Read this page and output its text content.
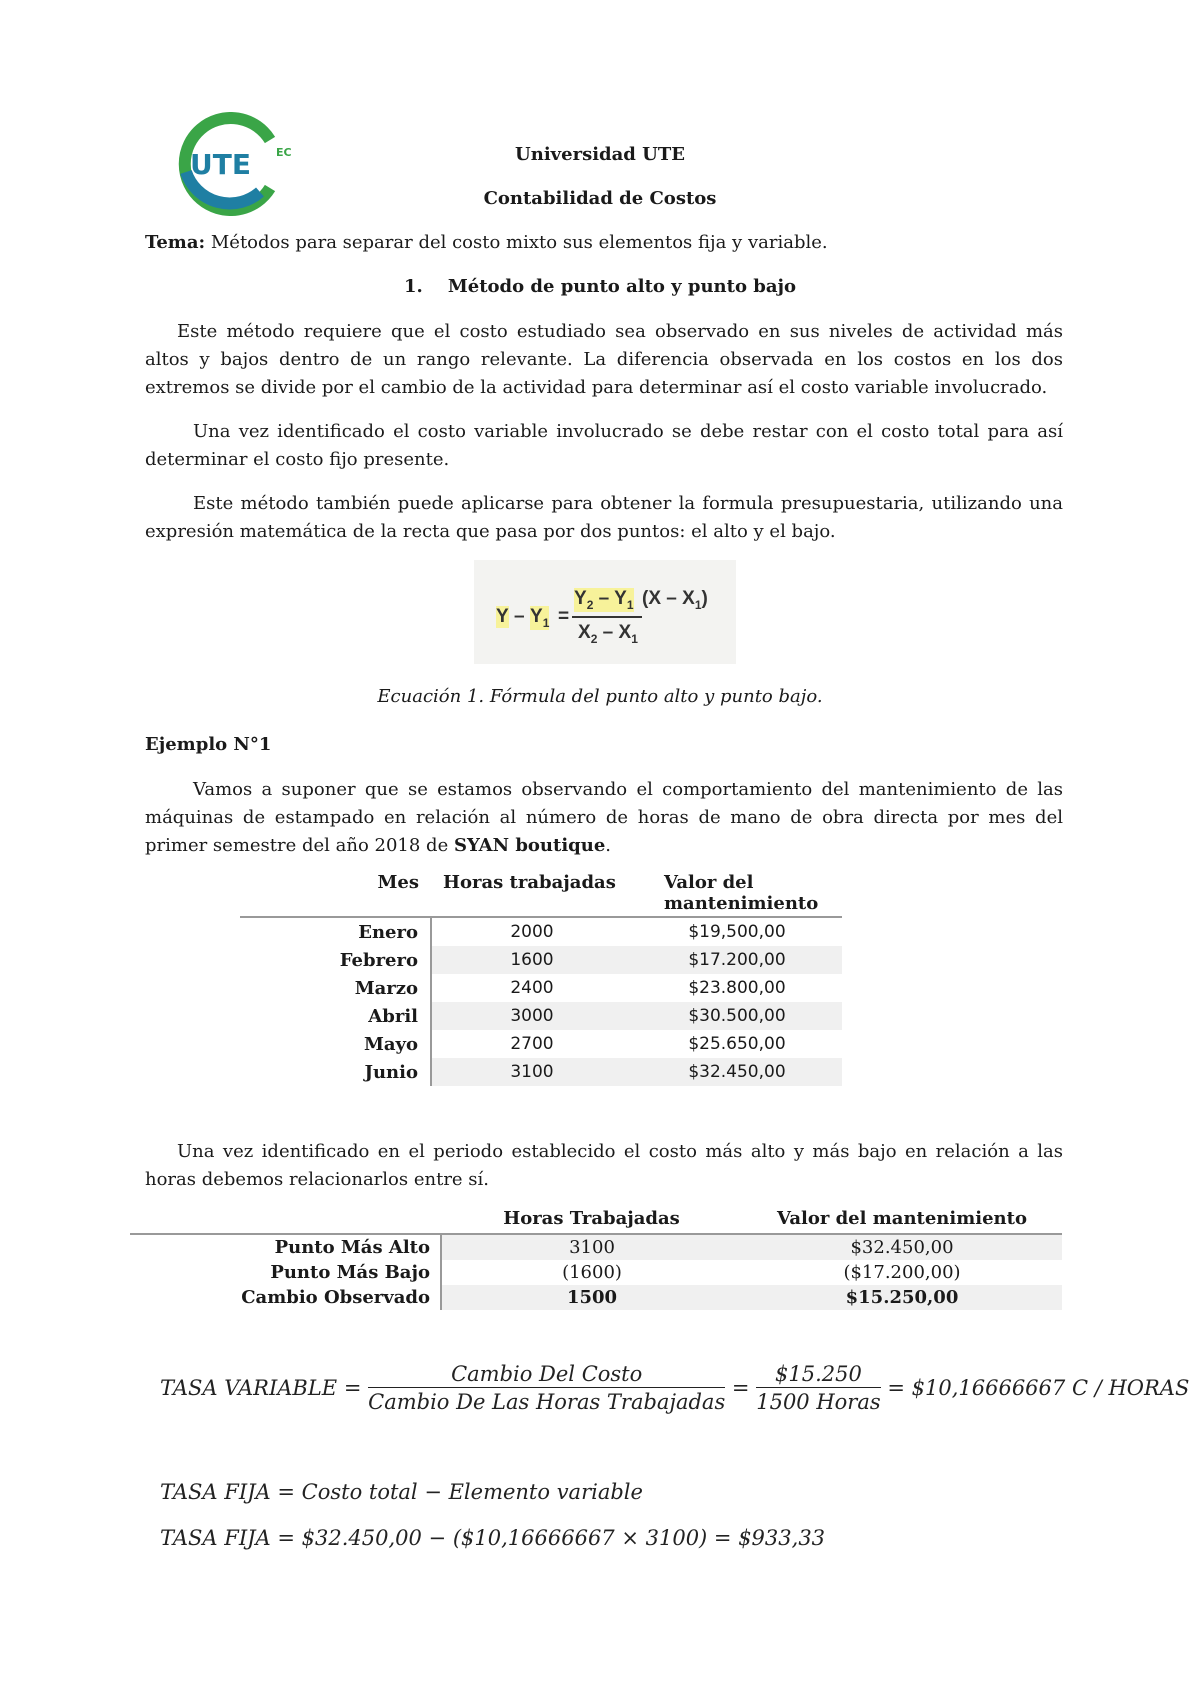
UTE EC	Universidad UTE
Contabilidad de Costos
Tema: Métodos para separar del costo mixto sus elementos fija y variable.
1. Método de punto alto y punto bajo
Este método requiere que el costo estudiado sea observado en sus niveles de actividad más altos y bajos dentro de un rango relevante. La diferencia observada en los costos en los dos extremos se divide por el cambio de la actividad para determinar así el costo variable involucrado.
Una vez identificado el costo variable involucrado se debe restar con el costo total para así determinar el costo fijo presente.
Este método también puede aplicarse para obtener la formula presupuestaria, utilizando una expresión matemática de la recta que pasa por dos puntos: el alto y el bajo.
Y – $Y_1$ =
$Y_2 - Y_1$ $(X - X_1)$
$X_2 - X_1$
Ecuación 1. Fórmula del punto alto y punto bajo.
Ejemplo N°1
Vamos a suponer que se estamos observando el comportamiento del mantenimiento de las máquinas de estampado en relación al número de horas de mano de obra directa por mes del primer semestre del año 2018 de SYAN boutique.
Mes	Horas trabajadas	Valor del mantenimiento

Enero	2000	$19,500,00
Febrero	1600	$17.200,00
Marzo	2400	$23.800,00
Abril	3000	$30.500,00
Mayo	2700	$25.650,00
Junio	3100	$32.450,00
Una vez identificado en el periodo establecido el costo más alto y más bajo en relación a las horas debemos relacionarlos entre sí.
	Horas Trabajadas	Valor del mantenimiento
Punto Más Alto	3100	$32.450,00
Punto Más Bajo	(1600)	($17.200,00)
Cambio Observado	1500	$15.250,00
TASA VARIABLE = $\frac{\text{Cambio Del Costo}}{\text{Cambio De Las Horas Trabajadas}} = \frac{\$15.250}{\text{1500 Horas}}$ = $10,16666667 C / HORAS
TASA FIJA = Costo total − Elemento variable
TASA FIJA = $32.450,00 − ($10,16666667 × 3100) = $933,33
